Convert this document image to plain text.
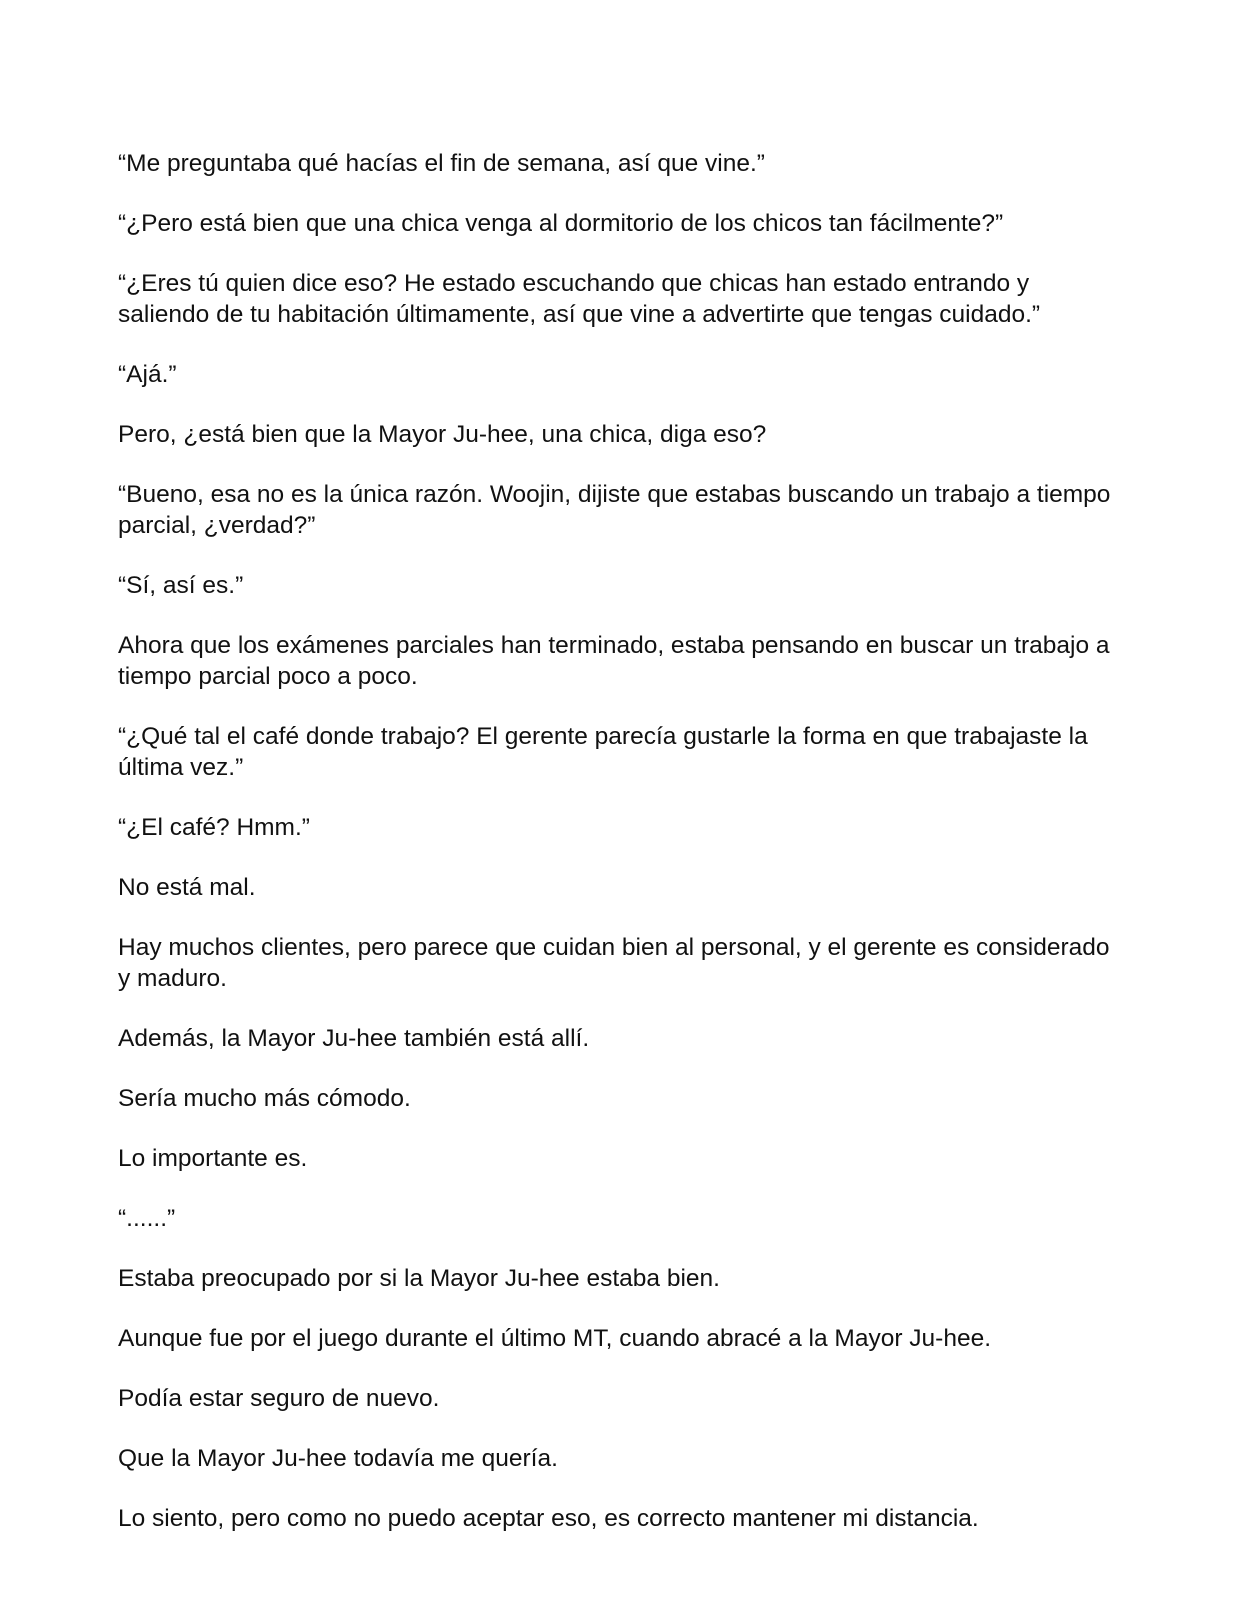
“Me preguntaba qué hacías el fin de semana, así que vine.”

“¿Pero está bien que una chica venga al dormitorio de los chicos tan fácilmente?”

“¿Eres tú quien dice eso? He estado escuchando que chicas han estado entrando y saliendo de tu habitación últimamente, así que vine a advertirte que tengas cuidado.”

“Ajá.”

Pero, ¿está bien que la Mayor Ju-hee, una chica, diga eso?

“Bueno, esa no es la única razón. Woojin, dijiste que estabas buscando un trabajo a tiempo parcial, ¿verdad?”

“Sí, así es.”

Ahora que los exámenes parciales han terminado, estaba pensando en buscar un trabajo a tiempo parcial poco a poco.

“¿Qué tal el café donde trabajo? El gerente parecía gustarle la forma en que trabajaste la última vez.”

“¿El café? Hmm.”

No está mal.

Hay muchos clientes, pero parece que cuidan bien al personal, y el gerente es considerado y maduro.

Además, la Mayor Ju-hee también está allí.

Sería mucho más cómodo.

Lo importante es.

“......”

Estaba preocupado por si la Mayor Ju-hee estaba bien.

Aunque fue por el juego durante el último MT, cuando abracé a la Mayor Ju-hee.

Podía estar seguro de nuevo.

Que la Mayor Ju-hee todavía me quería.

Lo siento, pero como no puedo aceptar eso, es correcto mantener mi distancia.
